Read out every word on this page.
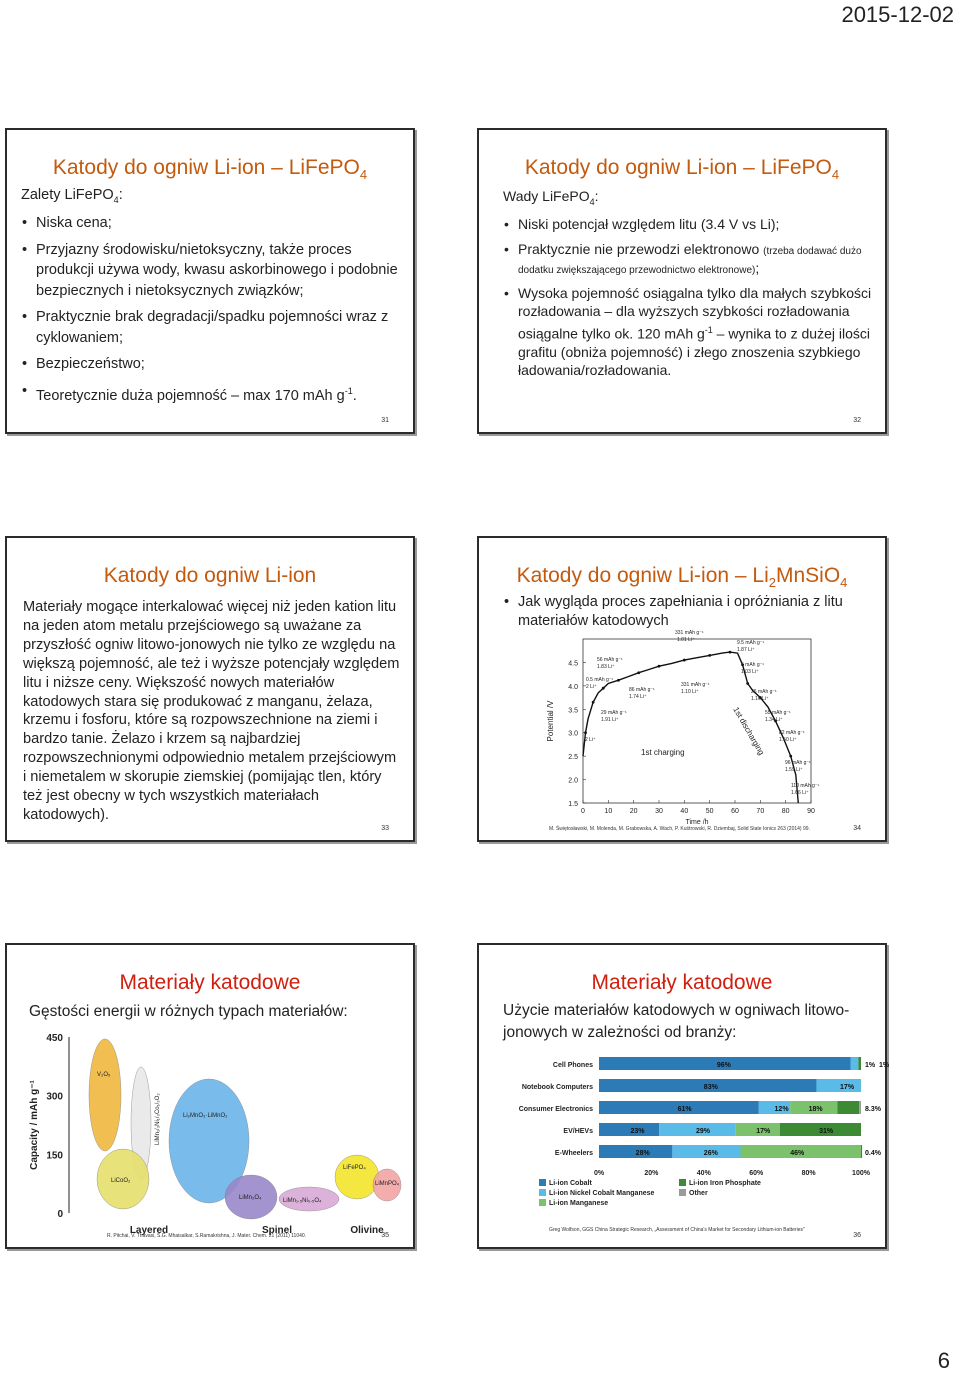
2015-12-02
Katody do ogniw Li-ion – LiFePO$_4$
Zalety LiFePO$_4$:
• Niska cena;
• Przyjazny środowisku/nietoksyczny, także proces produkcji używa wody, kwasu askorbinowego i podobnie bezpiecznych i nietoksycznych związków;
• Praktycznie brak degradacji/spadku pojemności wraz z cyklowaniem;
• Bezpieczeństwo;
• Teoretycznie duża pojemność – max 170 mAh $g^{-1}$.
31
Katody do ogniw Li-ion – LiFePO$_4$
Wady LiFePO$_4$:
• Niski potencjał względem litu (3.4 V vs Li);
• Praktycznie nie przewodzi elektronowo (trzeba dodawać dużo dodatku zwiększającego przewodnictwo elektronowe);
• Wysoka pojemność osiągalna tylko dla małych szybkości rozładowania – dla wyższych szybkości rozładowania osiągalne tylko ok. 120 mAh $g^{-1}$ – wynika to z dużej ilości grafitu (obniża pojemność) i złego znoszenia szybkiego ładowania/rozładowania.
32
Katody do ogniw Li-ion
Materiały mogące interkalować więcej niż jeden kation litu na jeden atom metalu przejściowego są uważane za przyszłość ogniw litowo-jonowych nie tylko ze względu na większą pojemność, ale też i wyższe potencjały względem litu i niższe ceny. Większość nowych materiałów katodowych stara się produkować z manganu, żelaza, krzemu i fosforu, które są rozpowszechnione na ziemi i bardzo tanie. Żelazo i krzem są najbardziej rozpowszechnionymi odpowiednio metalem przejściowym i niemetalem w skorupie ziemskiej (pomijając tlen, który też jest obecny w tych wszystkich materiałach katodowych).
33
Katody do ogniw $Li-ion - Li_2MnSiO_4$
• Jak wygląda proces zapełniania i opróżniania z litu materiałów katodowych
1.5
2.0
2.5
3.0
3.5
4.0
4.5
0	10	20	30	40	50	60	70	80	90
Time /h
Potential /V
331 mAh g⁻¹
1.01 Li⁺
56 mAh g⁻¹
1.83 Li⁺
9.5 mAh g⁻¹
1.87 Li⁺
5 mAh g⁻¹
1.03 Li⁺
0.5 mAh g⁻¹
2 Li⁺	86 mAh g⁻¹
1.74 Li⁺
331 mAh g⁻¹
1.10 Li⁺	26 mAh g⁻¹
1.16 Li⁺
29 mAh g⁻¹
1.91 Li⁺
55 mAh g⁻¹
1.34 Li⁺
82 mAh g⁻¹
1.50 Li⁺
96 mAh g⁻¹
1.59 Li⁺
110 mAh g⁻¹
1.66 Li⁺
2 Li⁺
1st charging	1st discharging
M. Świętosławski, M. Molenda, M. Grabowska, A. Wach, P. Kuśtrowski, R. Dziembaj, Solid State Ionics 263 (2014) 99.	34
Materiały katodowe
Gęstości energii w różnych typach materiałów:
0
150
300
450
Capacity / mAh g⁻¹
V₂O₅
LiMn₁/₃Ni₁/₃Co₁/₃O₂	Li₂MnO₃·LiMnO₂
LiCoO₂
LiMn₂O₄	LiMn₁.₅Ni₀.₅O₄
LiFePO₄
LiMnPO₄
Layered	Spinel	Olivine
R. Pitchai, V. Thavasi, S.G. Mhaisalkar, S.Ramakrishna, J. Mater. Chem. 21 (2011) 11040.	35
Materiały katodowe
Użycie materiałów katodowych w ogniwach litowo-jonowych w zależności od branży:
Cell Phones	96%	1% 1%
Notebook Computers	83%	17%
Consumer Electronics	61%	12%	18%	8.3%
EV/HEVs	23%	29%	17%	31%
E-Wheelers	28%	26%	46%	0.4%
0%	20%	40%	60%	80%	100%
Li-ion Cobalt	Li-ion Iron Phosphate
Li-ion Nickel Cobalt Manganese	Other
Li-ion Manganese
Greg Wolfson, GGS China Strategic Research, „Assessment of China's Market for Secondary Lithium-ion Batteries"
36
6
